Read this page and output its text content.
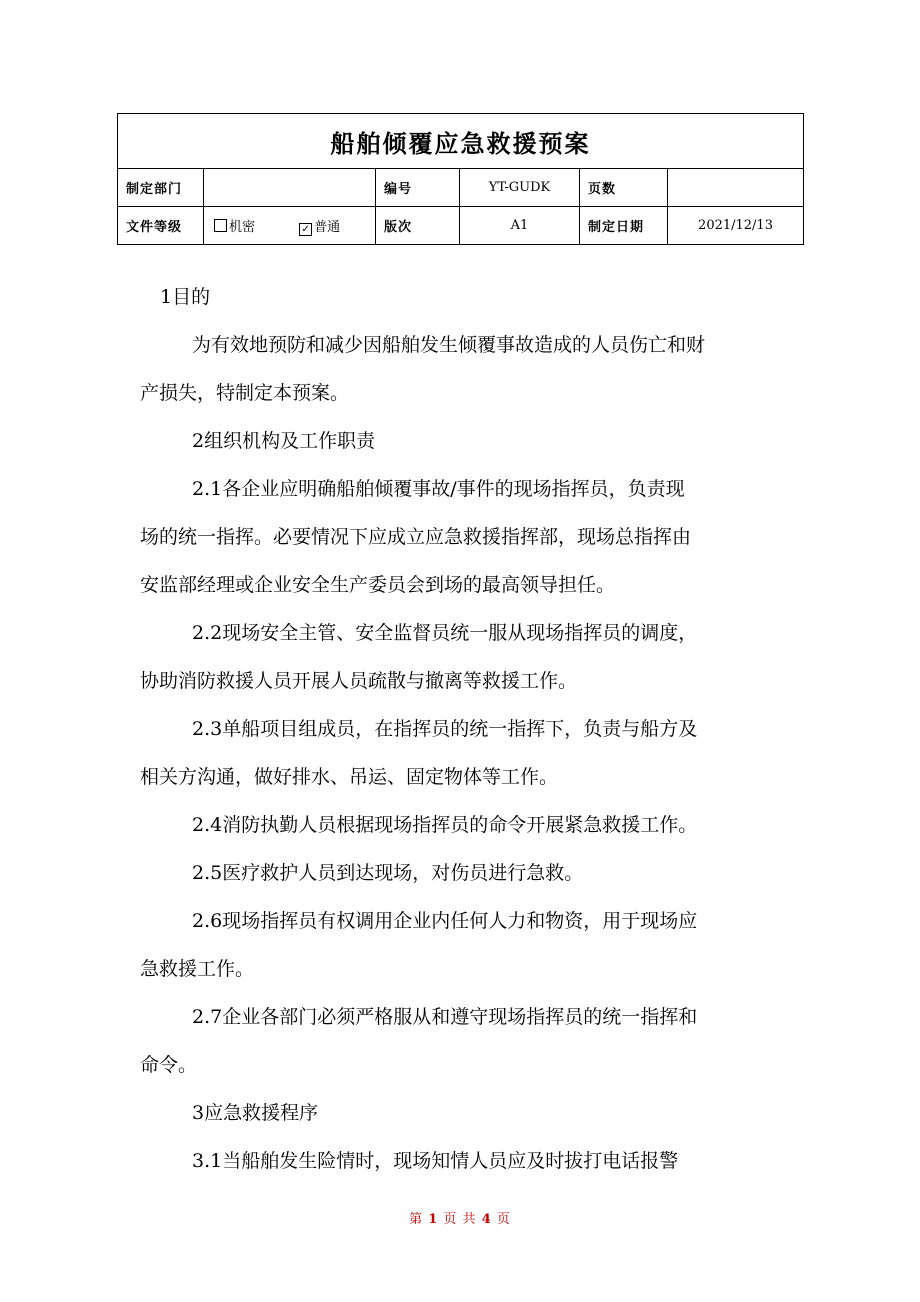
船舶倾覆应急救援预案					
制定部门		编号	YT-GUDK	页数	
文件等级	机密 ✓ 普通	版次	A1	制定日期	2021/12/13
1目的
为有效地预防和减少因船舶发生倾覆事故造成的人员伤亡和财
产损失，特制定本预案。
2组织机构及工作职责
2.1各企业应明确船舶倾覆事故/事件的现场指挥员，负责现
场的统一指挥。必要情况下应成立应急救援指挥部，现场总指挥由
安监部经理或企业安全生产委员会到场的最高领导担任。
2.2现场安全主管、安全监督员统一服从现场指挥员的调度，
协助消防救援人员开展人员疏散与撤离等救援工作。
2.3单船项目组成员，在指挥员的统一指挥下，负责与船方及
相关方沟通，做好排水、吊运、固定物体等工作。
2.4消防执勤人员根据现场指挥员的命令开展紧急救援工作。
2.5医疗救护人员到达现场，对伤员进行急救。
2.6现场指挥员有权调用企业内任何人力和物资，用于现场应
急救援工作。
2.7企业各部门必须严格服从和遵守现场指挥员的统一指挥和
命令。
3应急救援程序
3.1当船舶发生险情时，现场知情人员应及时拔打电话报警
第 1 页 共 4 页
